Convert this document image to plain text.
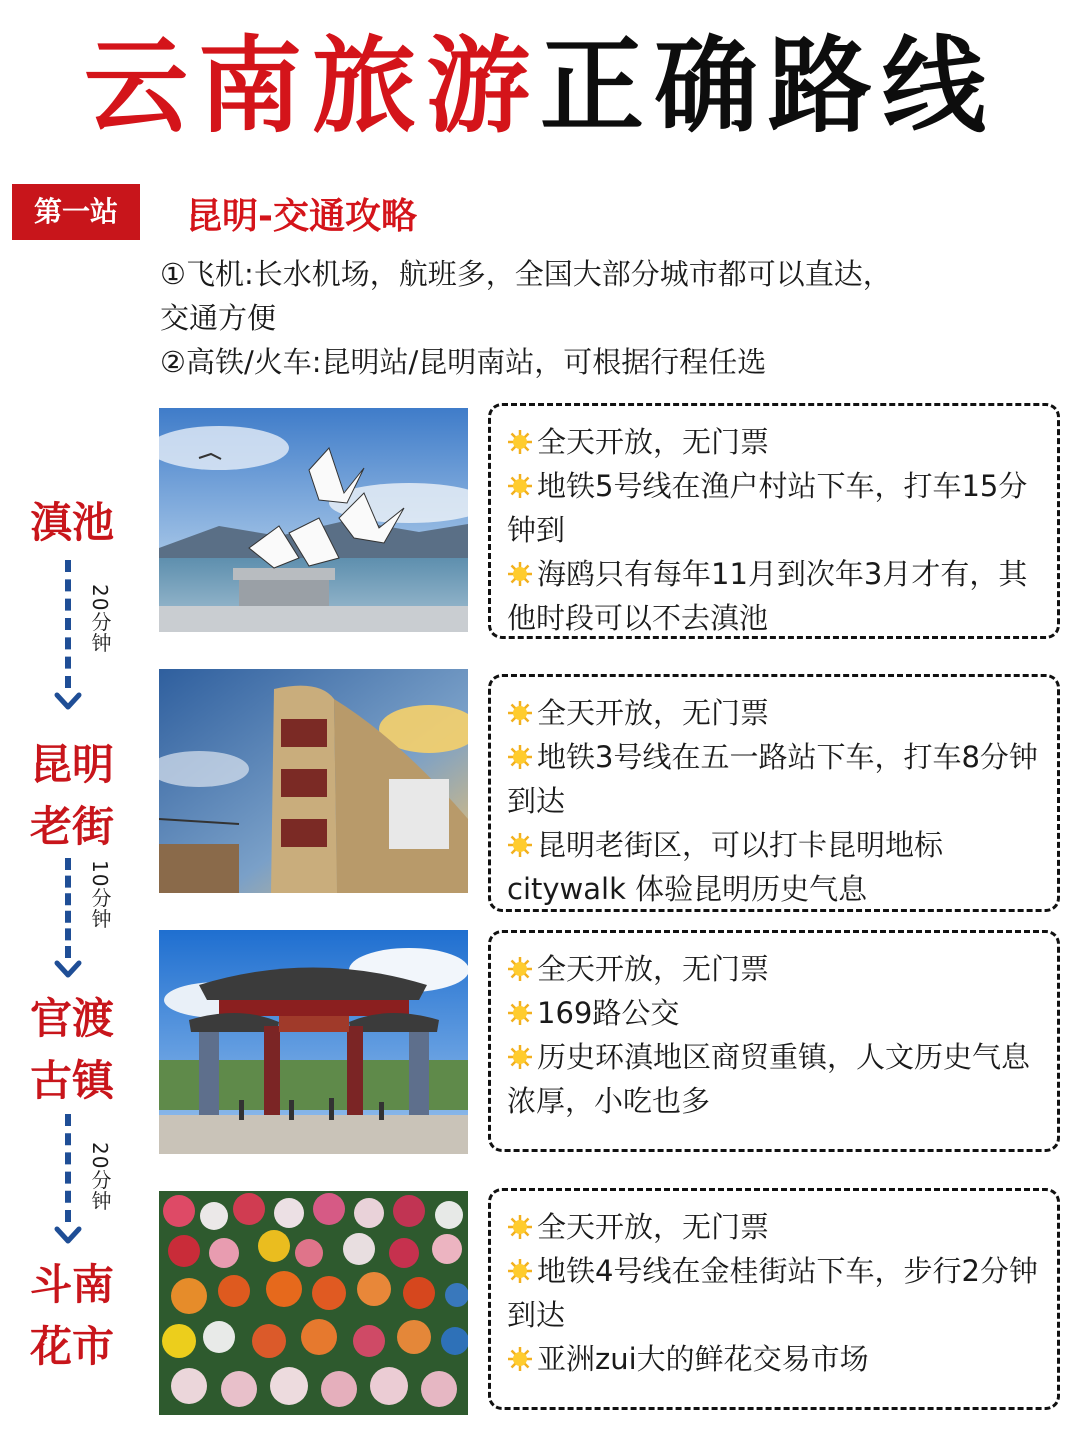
云南旅游正确路线
第一站	昆明-交通攻略

①飞机:长水机场，航班多，全国大部分城市都可以直达，交通方便

②高铁/火车:昆明站/昆明南站，可根据行程任选

滇池
20分钟
昆明老街
10分钟
官渡古镇
20分钟
斗南花市
全天开放，无门票
地铁5号线在渔户村站下车，打车15分钟到
海鸥只有每年11月到次年3月才有，其他时段可以不去滇池
全天开放，无门票
地铁3号线在五一路站下车，打车8分钟到达
昆明老街区，可以打卡昆明地标citywalk 体验昆明历史气息
全天开放，无门票
169路公交
历史环滇地区商贸重镇，人文历史气息浓厚，小吃也多
全天开放，无门票
地铁4号线在金桂街站下车，步行2分钟到达
亚洲zui大的鲜花交易市场
